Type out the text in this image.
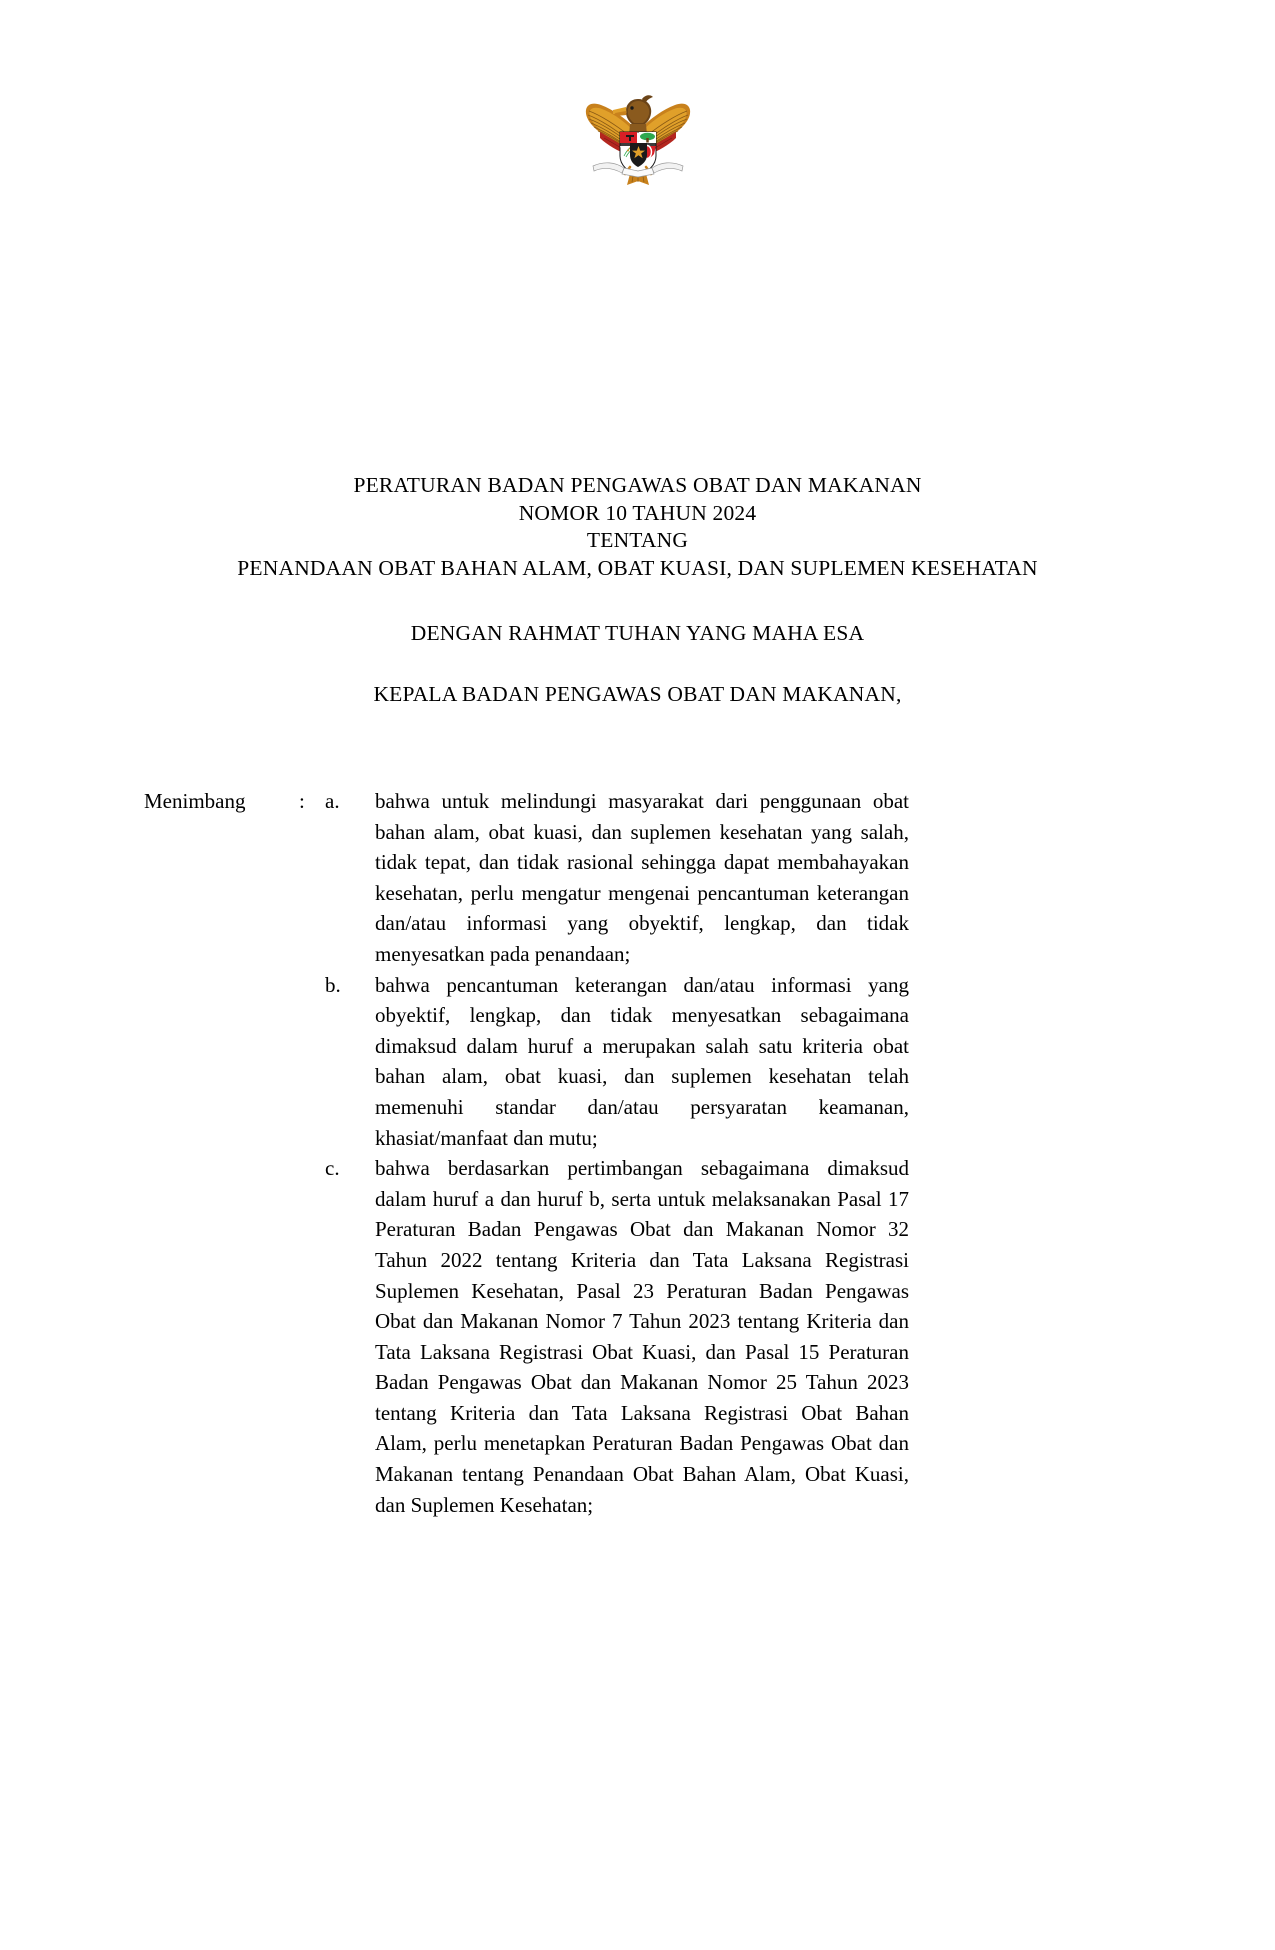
PERATURAN BADAN PENGAWAS OBAT DAN MAKANAN
NOMOR 10 TAHUN 2024
TENTANG
PENANDAAN OBAT BAHAN ALAM, OBAT KUASI, DAN SUPLEMEN KESEHATAN
DENGAN RAHMAT TUHAN YANG MAHA ESA
KEPALA BADAN PENGAWAS OBAT DAN MAKANAN,
Menimbang	: a.	bahwa untuk melindungi masyarakat dari penggunaan obat bahan alam, obat kuasi, dan suplemen kesehatan yang salah, tidak tepat, dan tidak rasional sehingga dapat membahayakan kesehatan, perlu mengatur mengenai pencantuman keterangan dan/atau informasi yang obyektif, lengkap, dan tidak menyesatkan pada penandaan;
b.	bahwa pencantuman keterangan dan/atau informasi yang obyektif, lengkap, dan tidak menyesatkan sebagaimana dimaksud dalam huruf a merupakan salah satu kriteria obat bahan alam, obat kuasi, dan suplemen kesehatan telah memenuhi standar dan/atau persyaratan keamanan, khasiat/manfaat dan mutu;
c.	bahwa berdasarkan pertimbangan sebagaimana dimaksud dalam huruf a dan huruf b, serta untuk melaksanakan Pasal 17 Peraturan Badan Pengawas Obat dan Makanan Nomor 32 Tahun 2022 tentang Kriteria dan Tata Laksana Registrasi Suplemen Kesehatan, Pasal 23 Peraturan Badan Pengawas Obat dan Makanan Nomor 7 Tahun 2023 tentang Kriteria dan Tata Laksana Registrasi Obat Kuasi, dan Pasal 15 Peraturan Badan Pengawas Obat dan Makanan Nomor 25 Tahun 2023 tentang Kriteria dan Tata Laksana Registrasi Obat Bahan Alam, perlu menetapkan Peraturan Badan Pengawas Obat dan Makanan tentang Penandaan Obat Bahan Alam, Obat Kuasi, dan Suplemen Kesehatan;
